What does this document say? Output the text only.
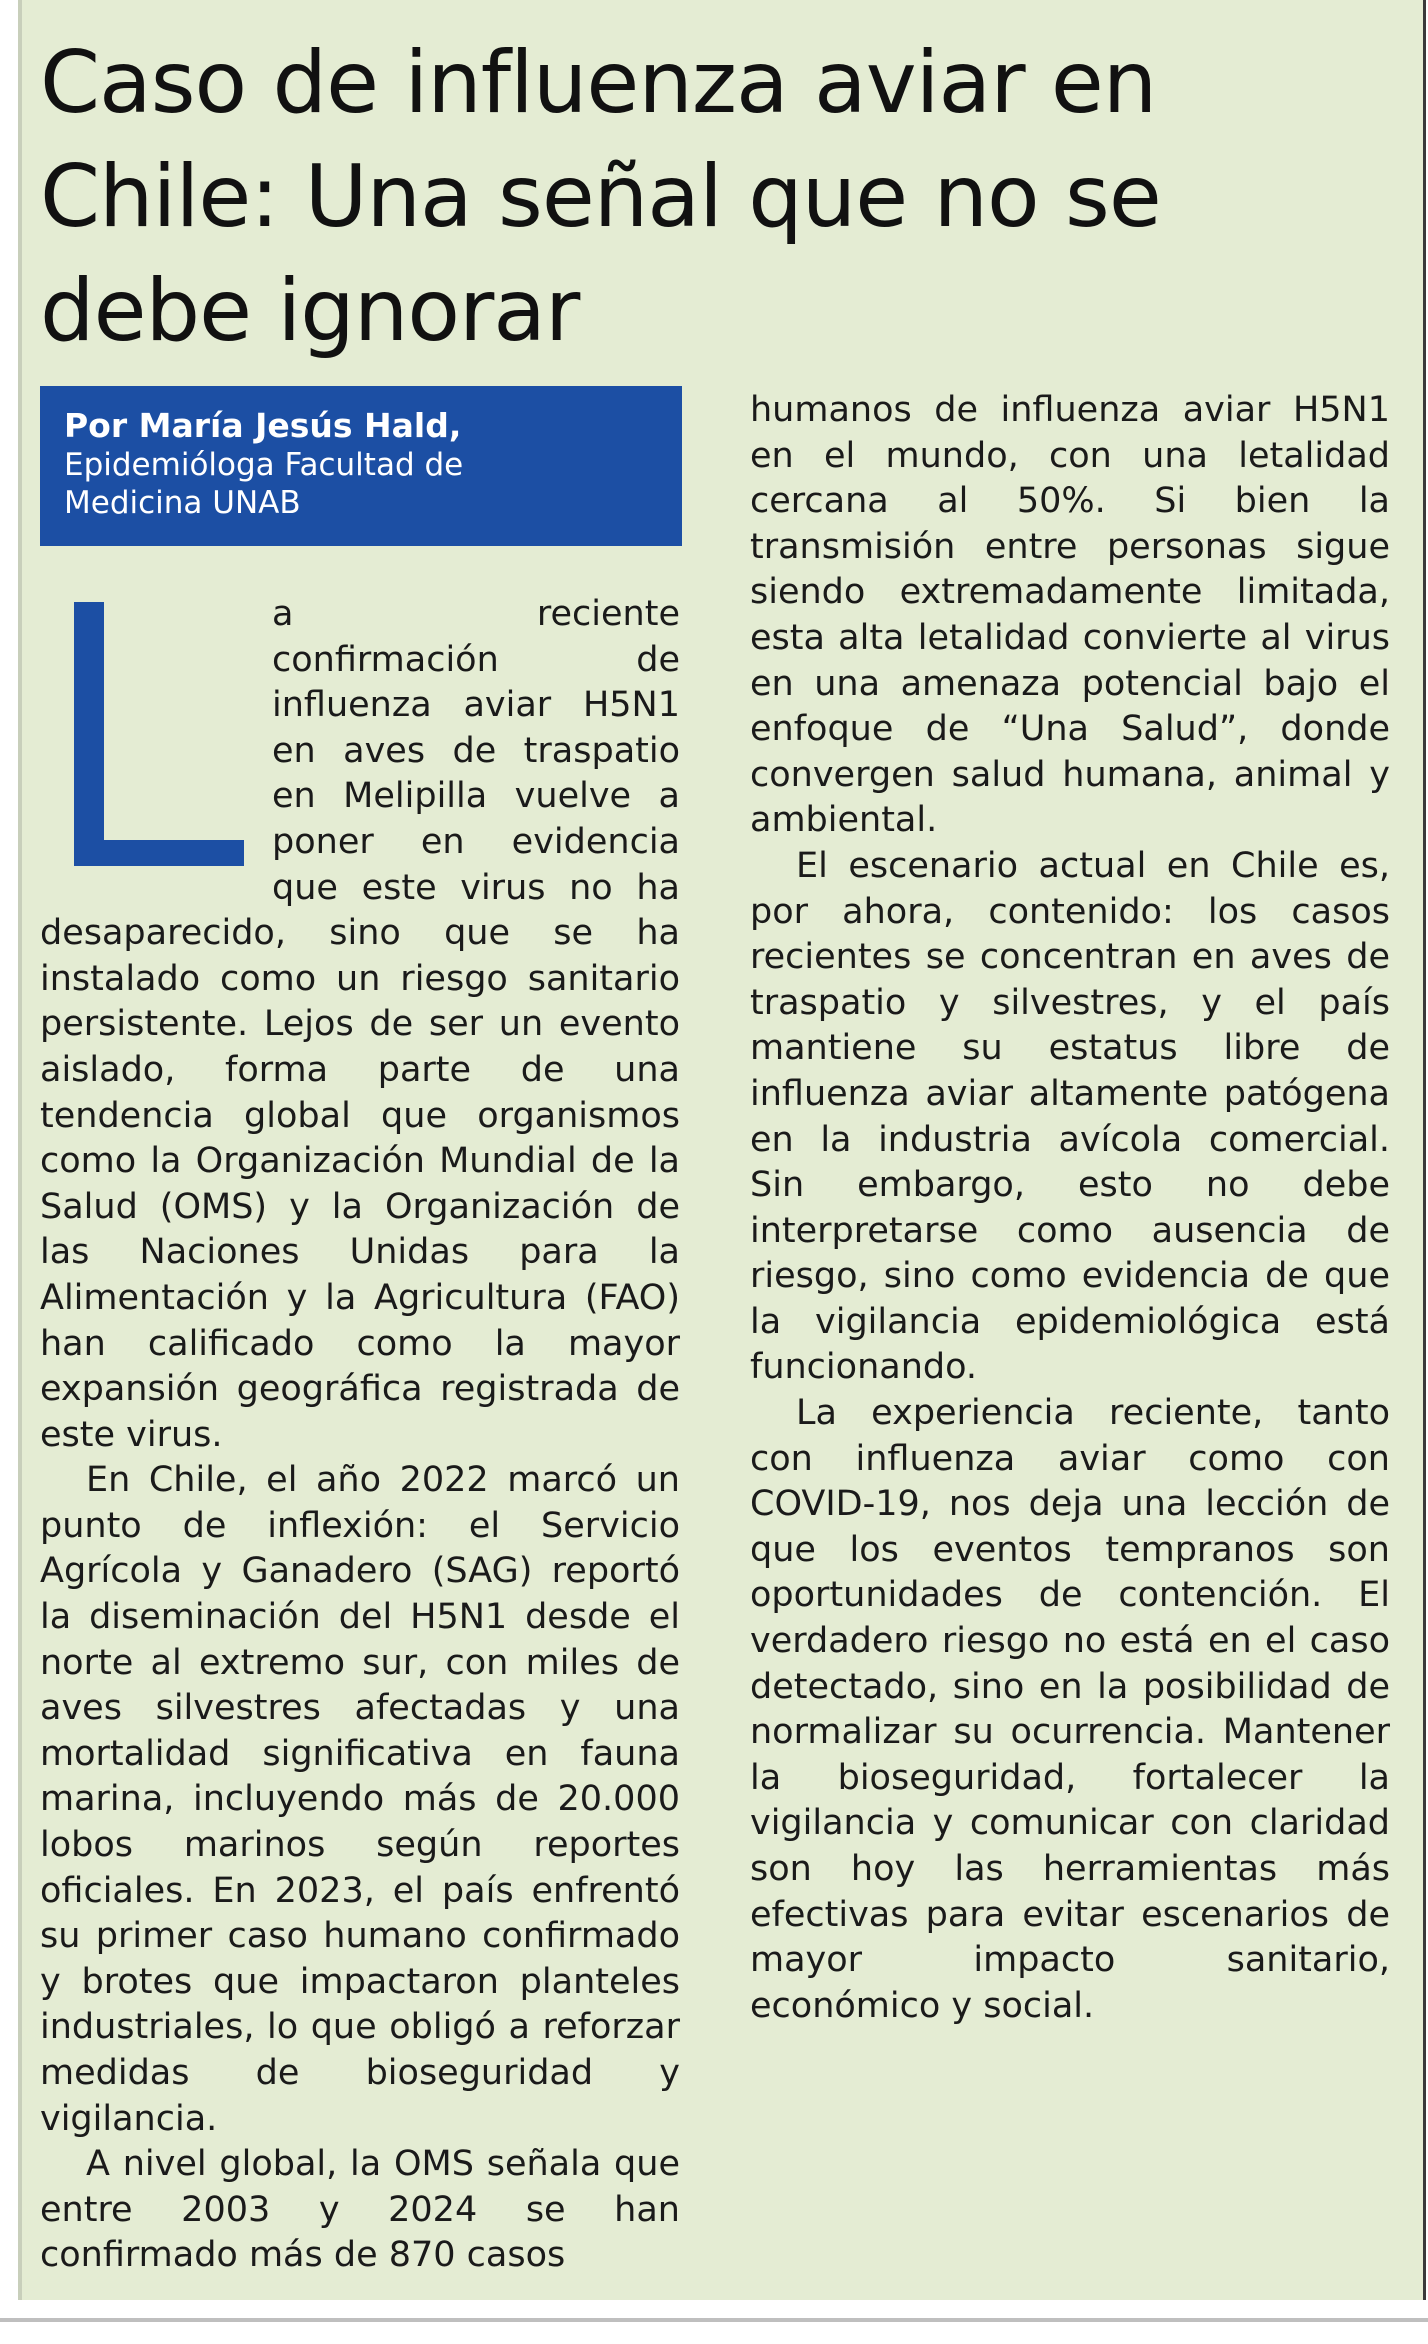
Caso de influenza aviar en Chile: Una señal que no se debe ignorar
Por María Jesús Hald,
Epidemióloga Facultad de
Medicina UNAB

a reciente confirmación de influenza aviar H5N1 en aves de traspatio en Melipilla vuelve a poner en evidencia que este virus no ha desaparecido, sino que se ha instalado como un riesgo sanitario persistente. Lejos de ser un evento aislado, forma parte de una tendencia global que organismos como la Organización Mundial de la Salud (OMS) y la Organización de las Naciones Unidas para la Alimentación y la Agricultura (FAO) han calificado como la mayor expansión geográfica registrada de este virus.

En Chile, el año 2022 marcó un punto de inflexión: el Servicio Agrícola y Ganadero (SAG) reportó la diseminación del H5N1 desde el norte al extremo sur, con miles de aves silvestres afectadas y una mortalidad significativa en fauna marina, incluyendo más de 20.000 lobos marinos según reportes oficiales. En 2023, el país enfrentó su primer caso humano confirmado y brotes que impactaron planteles industriales, lo que obligó a reforzar medidas de bioseguridad y vigilancia.

A nivel global, la OMS señala que entre 2003 y 2024 se han confirmado más de 870 casos

humanos de influenza aviar H5N1 en el mundo, con una letalidad cercana al 50%. Si bien la transmisión entre personas sigue siendo extremadamente limitada, esta alta letalidad convierte al virus en una amenaza potencial bajo el enfoque de “Una Salud”, donde convergen salud humana, animal y ambiental.

El escenario actual en Chile es, por ahora, contenido: los casos recientes se concentran en aves de traspatio y silvestres, y el país mantiene su estatus libre de influenza aviar altamente patógena en la industria avícola comercial. Sin embargo, esto no debe interpretarse como ausencia de riesgo, sino como evidencia de que la vigilancia epidemiológica está funcionando.

La experiencia reciente, tanto con influenza aviar como con COVID-19, nos deja una lección de que los eventos tempranos son oportunidades de contención. El verdadero riesgo no está en el caso detectado, sino en la posibilidad de normalizar su ocurrencia. Mantener la bioseguridad, fortalecer la vigilancia y comunicar con claridad son hoy las herramientas más efectivas para evitar escenarios de mayor impacto sanitario, económico y social.
